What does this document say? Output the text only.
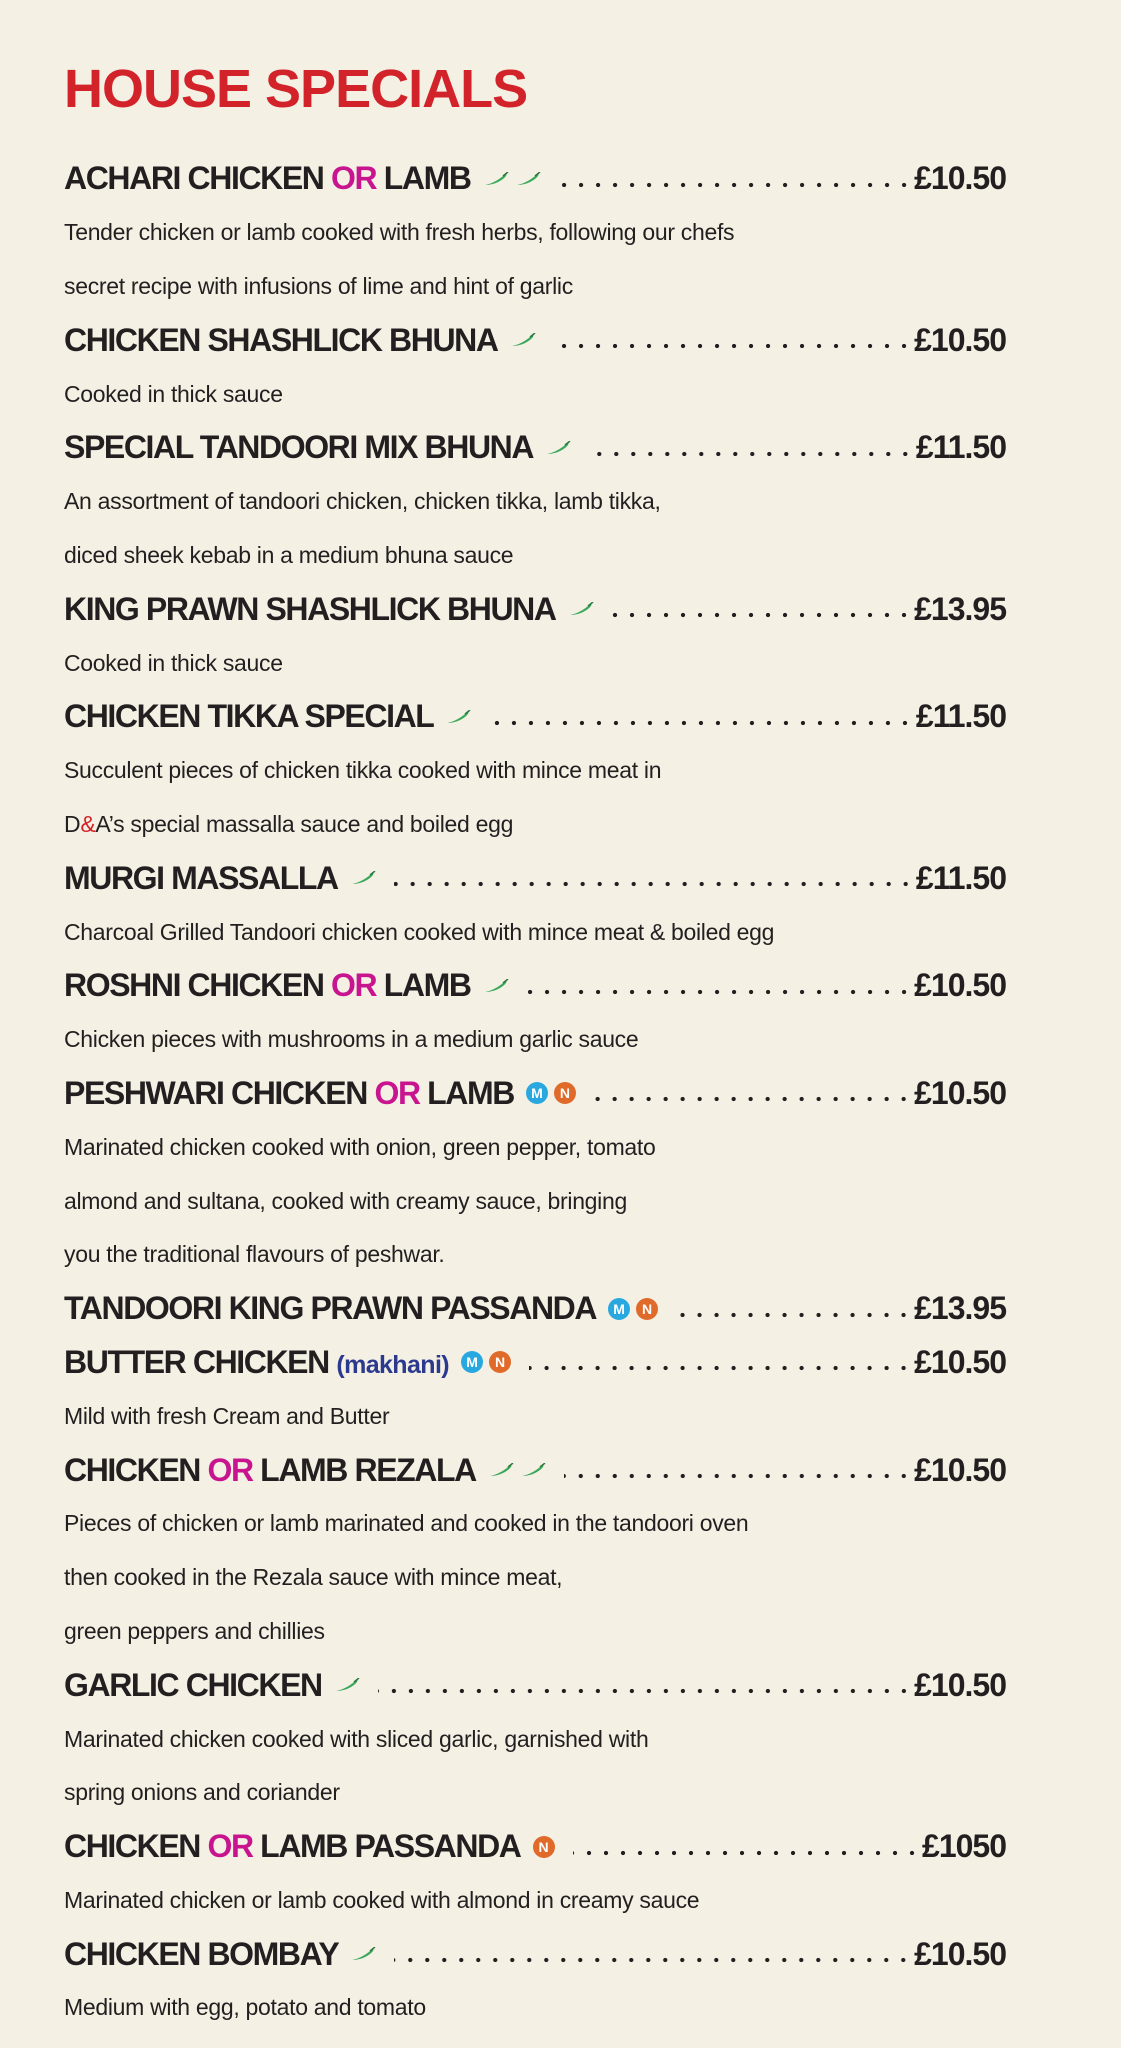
HOUSE SPECIALS
ACHARI CHICKEN OR LAMB	£10.50
Tender chicken or lamb cooked with fresh herbs, following our chefs
secret recipe with infusions of lime and hint of garlic
CHICKEN SHASHLICK BHUNA	£10.50
Cooked in thick sauce
SPECIAL TANDOORI MIX BHUNA	£11.50
An assortment of tandoori chicken, chicken tikka, lamb tikka,
diced sheek kebab in a medium bhuna sauce
KING PRAWN SHASHLICK BHUNA	£13.95
Cooked in thick sauce
CHICKEN TIKKA SPECIAL	£11.50
Succulent pieces of chicken tikka cooked with mince meat in
D & A’s special massalla sauce and boiled egg
MURGI MASSALLA	£11.50
Charcoal Grilled Tandoori chicken cooked with mince meat & boiled egg
ROSHNI CHICKEN OR LAMB	£10.50
Chicken pieces with mushrooms in a medium garlic sauce
PESHWARI CHICKEN OR LAMB	M	N	£10.50
Marinated chicken cooked with onion, green pepper, tomato
almond and sultana, cooked with creamy sauce, bringing
you the traditional flavours of peshwar.
TANDOORI KING PRAWN PASSANDA	M	N	£13.95
BUTTER CHICKEN (makhani)	M	N	£10.50
Mild with fresh Cream and Butter
CHICKEN OR LAMB REZALA	£10.50
Pieces of chicken or lamb marinated and cooked in the tandoori oven
then cooked in the Rezala sauce with mince meat,
green peppers and chillies
GARLIC CHICKEN	£10.50
Marinated chicken cooked with sliced garlic, garnished with
spring onions and coriander
CHICKEN OR LAMB PASSANDA	N	£1050
Marinated chicken or lamb cooked with almond in creamy sauce
CHICKEN BOMBAY	£10.50
Medium with egg, potato and tomato
